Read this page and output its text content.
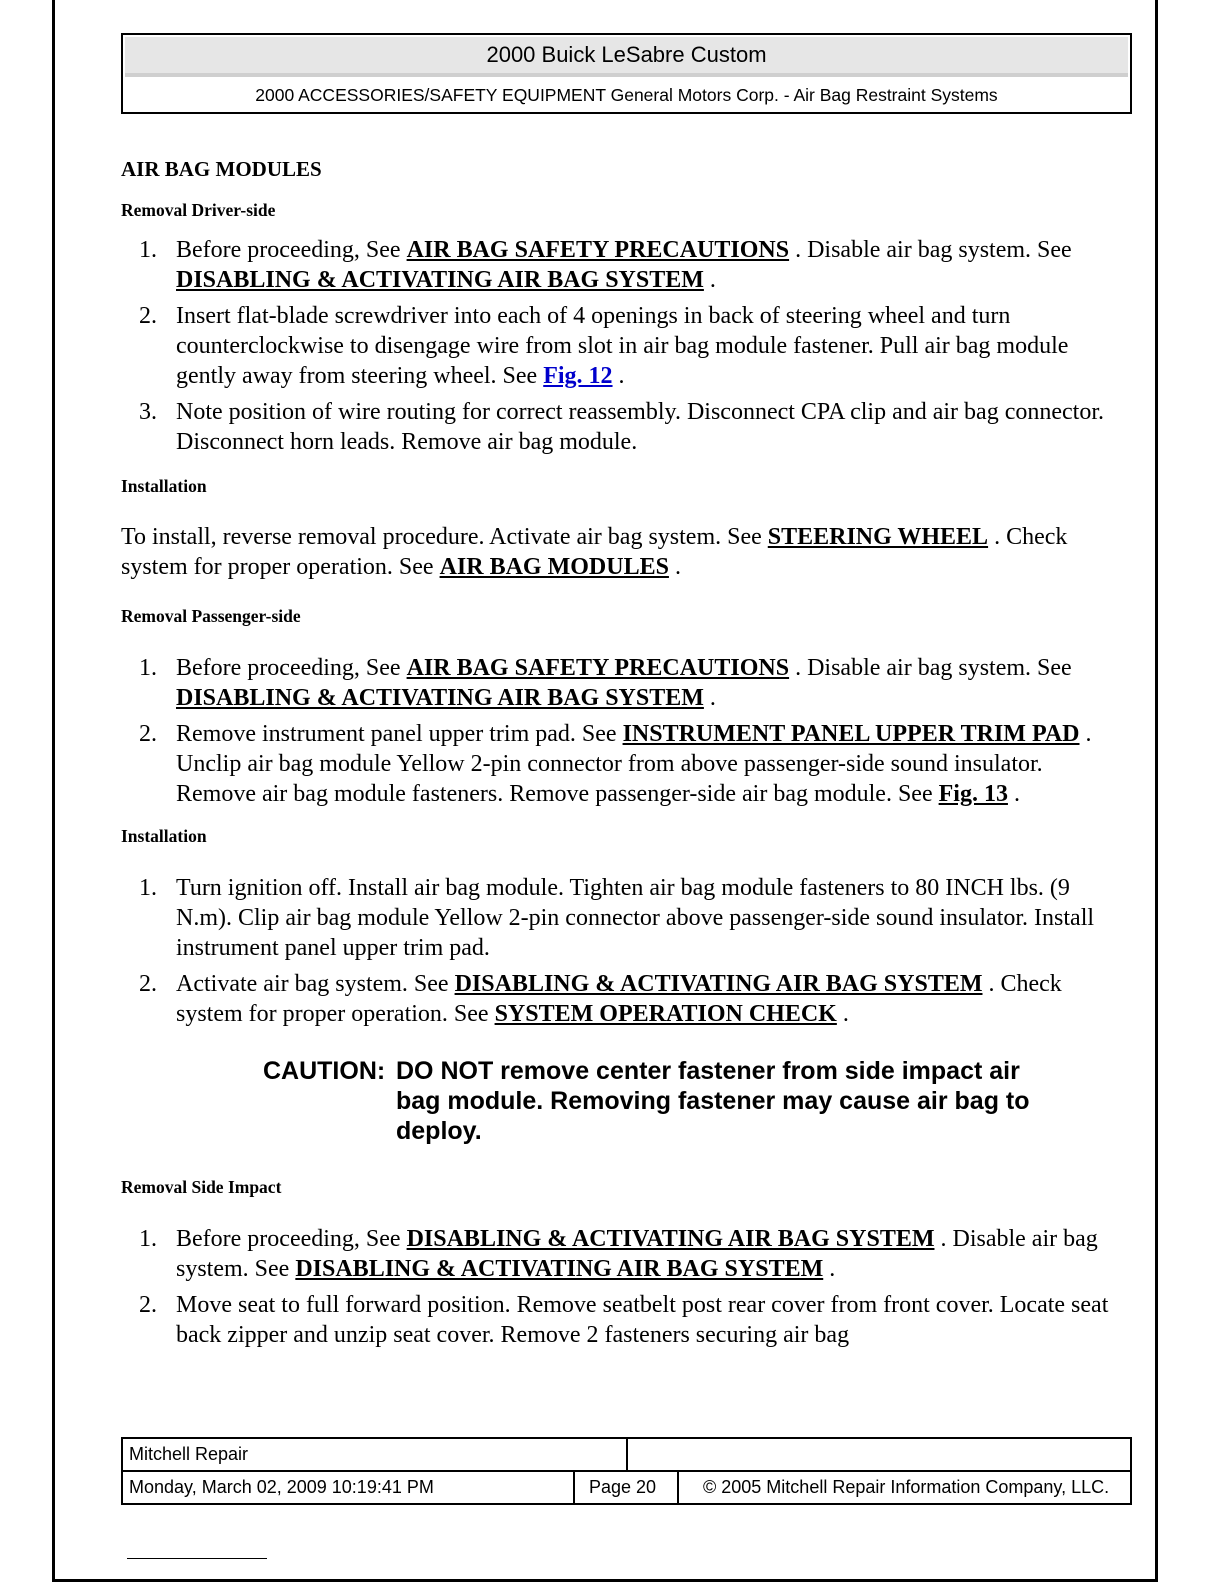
2000 Buick LeSabre Custom
2000 ACCESSORIES/SAFETY EQUIPMENT General Motors Corp. - Air Bag Restraint Systems
AIR BAG MODULES
Removal Driver-side
1. Before proceeding, See AIR BAG SAFETY PRECAUTIONS . Disable air bag system. See DISABLING & ACTIVATING AIR BAG SYSTEM .
2. Insert flat-blade screwdriver into each of 4 openings in back of steering wheel and turn counterclockwise to disengage wire from slot in air bag module fastener. Pull air bag module gently away from steering wheel. See Fig. 12 .
3. Note position of wire routing for correct reassembly. Disconnect CPA clip and air bag connector. Disconnect horn leads. Remove air bag module.
Installation

To install, reverse removal procedure. Activate air bag system. See STEERING WHEEL . Check system for proper operation. See AIR BAG MODULES .

Removal Passenger-side
1. Before proceeding, See AIR BAG SAFETY PRECAUTIONS . Disable air bag system. See DISABLING & ACTIVATING AIR BAG SYSTEM .
2. Remove instrument panel upper trim pad. See INSTRUMENT PANEL UPPER TRIM PAD . Unclip air bag module Yellow 2-pin connector from above passenger-side sound insulator. Remove air bag module fasteners. Remove passenger-side air bag module. See Fig. 13 .
Installation
1. Turn ignition off. Install air bag module. Tighten air bag module fasteners to 80 INCH lbs. (9 N.m). Clip air bag module Yellow 2-pin connector above passenger-side sound insulator. Install instrument panel upper trim pad.
2. Activate air bag system. See DISABLING & ACTIVATING AIR BAG SYSTEM . Check system for proper operation. See SYSTEM OPERATION CHECK .
CAUTION: DO NOT remove center fastener from side impact air bag module. Removing fastener may cause air bag to deploy.
Removal Side Impact
1. Before proceeding, See DISABLING & ACTIVATING AIR BAG SYSTEM . Disable air bag system. See DISABLING & ACTIVATING AIR BAG SYSTEM .
2. Move seat to full forward position. Remove seatbelt post rear cover from front cover. Locate seat back zipper and unzip seat cover. Remove 2 fasteners securing air bag
Mitchell Repair
Monday, March 02, 2009 10:19:41 PM	Page 20	© 2005 Mitchell Repair Information Company, LLC.
